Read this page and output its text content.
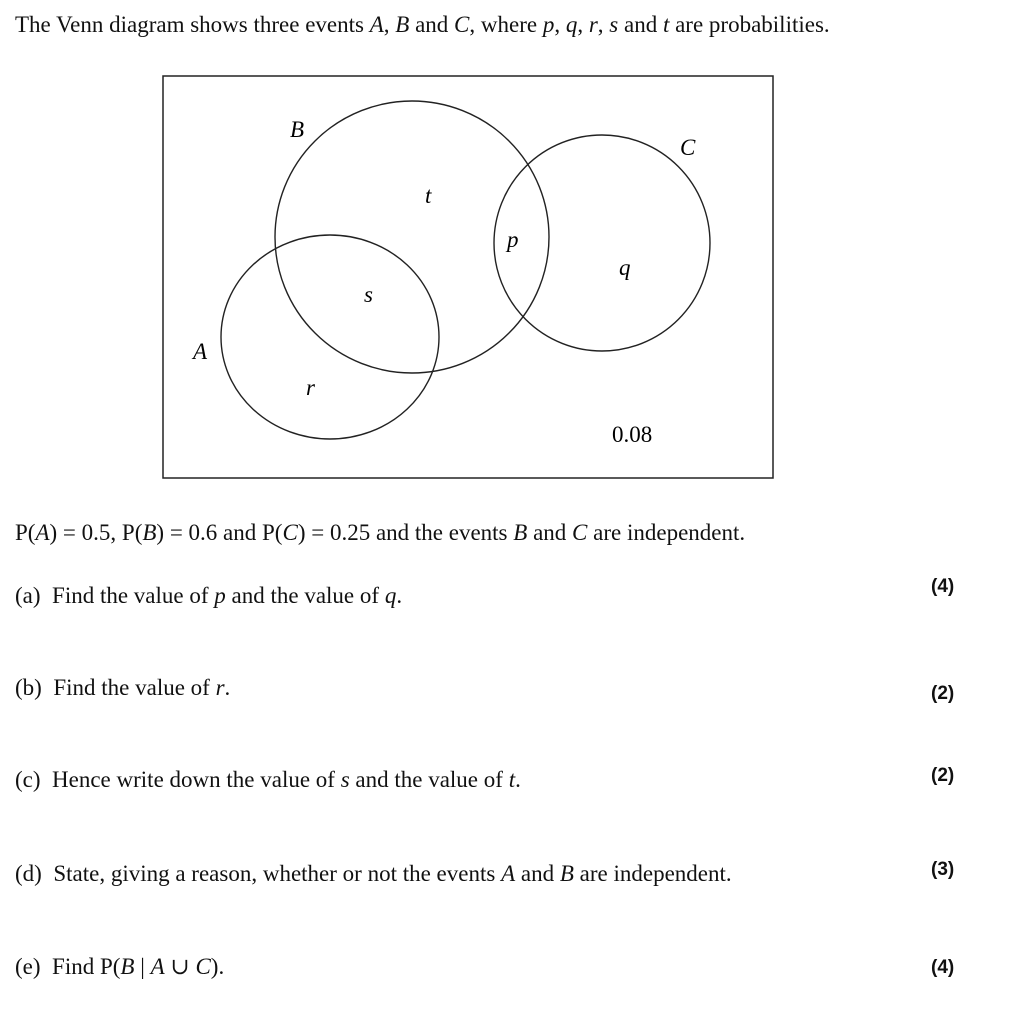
The Venn diagram shows three events A, B and C, where p, q, r, s and t are probabilities.
B
C
A
t
p
q
s
r
0.08
P(A) = 0.5, P(B) = 0.6 and P(C) = 0.25 and the events B and C are independent.
(a) Find the value of p and the value of q.	(4)
(b) Find the value of r.	(2)
(c) Hence write down the value of s and the value of t.	(2)
(d) State, giving a reason, whether or not the events A and B are independent.	(3)
(e) Find P(B | A ∪ C).	(4)
